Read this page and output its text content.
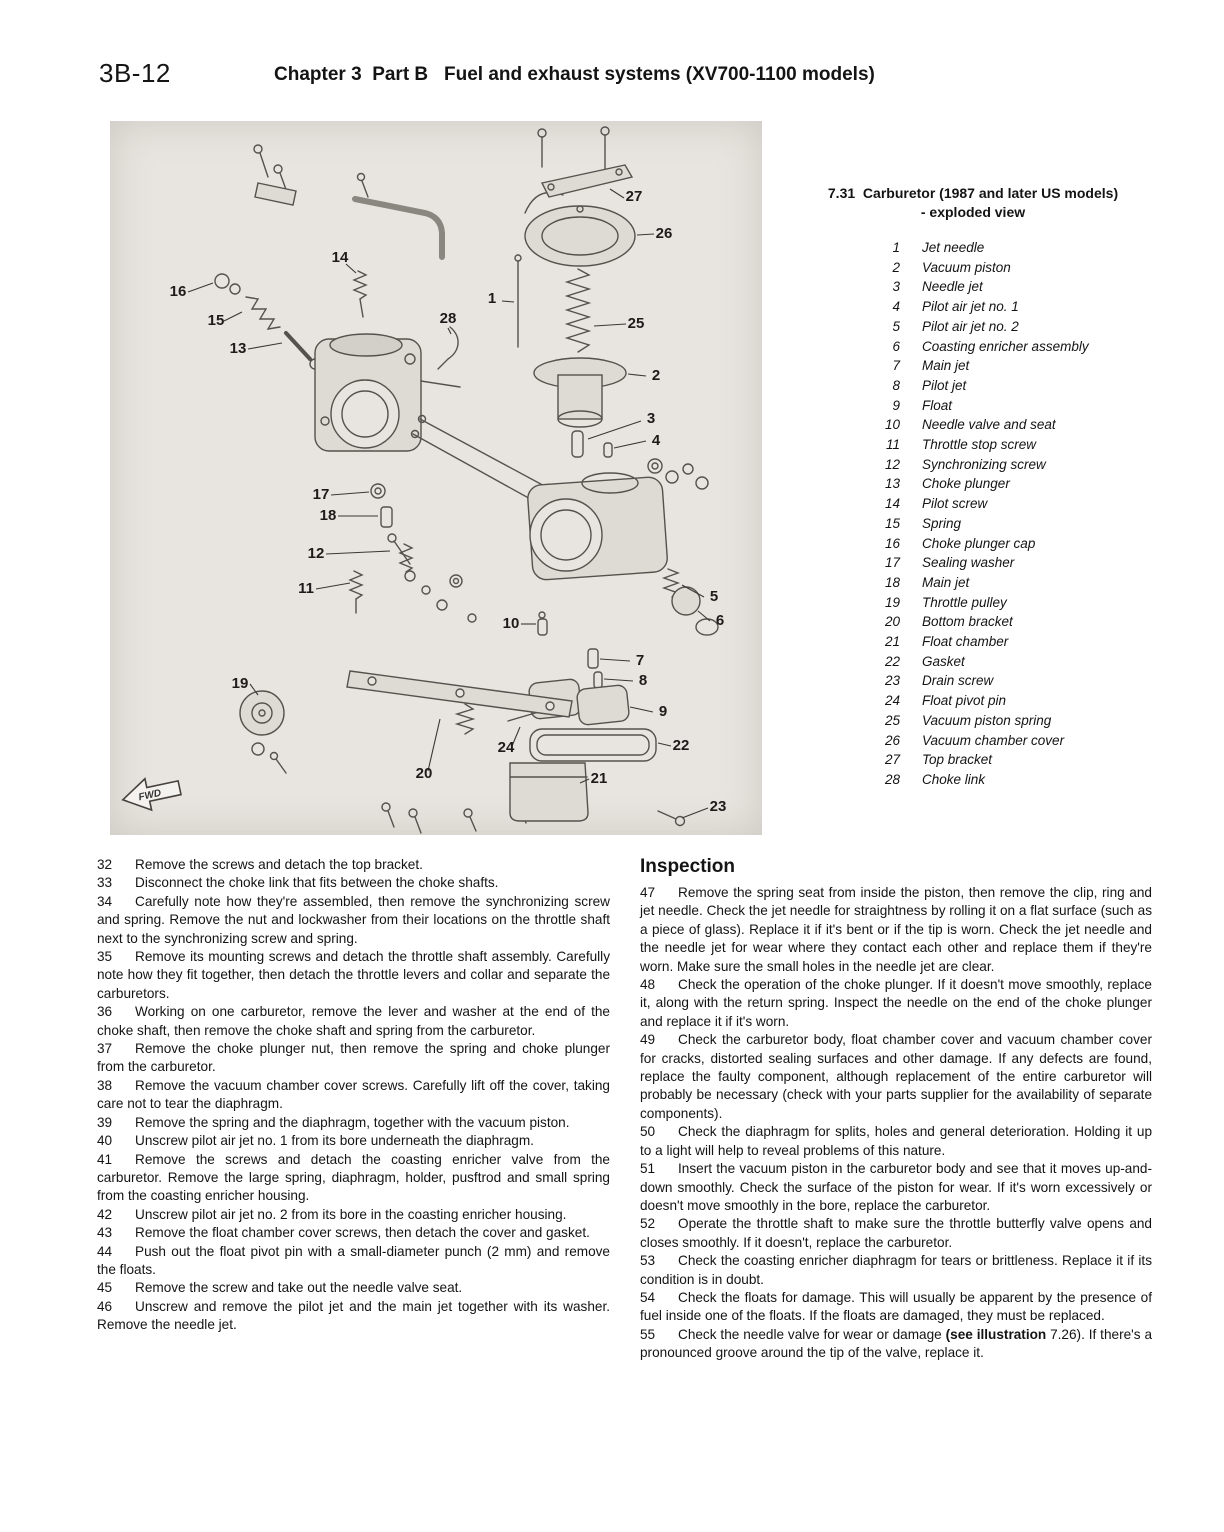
3B-12	Chapter 3  Part B   Fuel and exhaust systems (XV700-1100 models)
FWD
27
26
14
16
15	28
1
25
13
2
3
4
17
18
12
11
10
5
6
7
8
19
9
24	22
20	21
23
7.31  Carburetor (1987 and later US models)
- exploded view
1 Jet needle
2 Vacuum piston
3 Needle jet
4 Pilot air jet no. 1
5 Pilot air jet no. 2
6 Coasting enricher assembly
7 Main jet
8 Pilot jet
9 Float
10 Needle valve and seat
11 Throttle stop screw
12 Synchronizing screw
13 Choke plunger
14 Pilot screw
15 Spring
16 Choke plunger cap
17 Sealing washer
18 Main jet
19 Throttle pulley
20 Bottom bracket
21 Float chamber
22 Gasket
23 Drain screw
24 Float pivot pin
25 Vacuum piston spring
26 Vacuum chamber cover
27 Top bracket
28 Choke link

32 Remove the screws and detach the top bracket.

33 Disconnect the choke link that fits between the choke shafts.

34 Carefully note how they're assembled, then remove the synchronizing screw and spring. Remove the nut and lockwasher from their locations on the throttle shaft next to the synchronizing screw and spring.

35 Remove its mounting screws and detach the throttle shaft assembly. Carefully note how they fit together, then detach the throttle levers and collar and separate the carburetors.

36 Working on one carburetor, remove the lever and washer at the end of the choke shaft, then remove the choke shaft and spring from the carburetor.

37 Remove the choke plunger nut, then remove the spring and choke plunger from the carburetor.

38 Remove the vacuum chamber cover screws. Carefully lift off the cover, taking care not to tear the diaphragm.

39 Remove the spring and the diaphragm, together with the vacuum piston.

40 Unscrew pilot air jet no. 1 from its bore underneath the diaphragm.

41 Remove the screws and detach the coasting enricher valve from the carburetor. Remove the large spring, diaphragm, holder, pusftrod and small spring from the coasting enricher housing.

42 Unscrew pilot air jet no. 2 from its bore in the coasting enricher housing.

43 Remove the float chamber cover screws, then detach the cover and gasket.

44 Push out the float pivot pin with a small-diameter punch (2 mm) and remove the floats.

45 Remove the screw and take out the needle valve seat.

46 Unscrew and remove the pilot jet and the main jet together with its washer. Remove the needle jet.

Inspection

47 Remove the spring seat from inside the piston, then remove the clip, ring and jet needle. Check the jet needle for straightness by rolling it on a flat surface (such as a piece of glass). Replace it if it's bent or if the tip is worn. Check the jet needle and the needle jet for wear where they contact each other and replace them if they're worn. Make sure the small holes in the needle jet are clear.

48 Check the operation of the choke plunger. If it doesn't move smoothly, replace it, along with the return spring. Inspect the needle on the end of the choke plunger and replace it if it's worn.

49 Check the carburetor body, float chamber cover and vacuum chamber cover for cracks, distorted sealing surfaces and other damage. If any defects are found, replace the faulty component, although replacement of the entire carburetor will probably be necessary (check with your parts supplier for the availability of separate components).

50 Check the diaphragm for splits, holes and general deterioration. Holding it up to a light will help to reveal problems of this nature.

51 Insert the vacuum piston in the carburetor body and see that it moves up-and-down smoothly. Check the surface of the piston for wear. If it's worn excessively or doesn't move smoothly in the bore, replace the carburetor.

52 Operate the throttle shaft to make sure the throttle butterfly valve opens and closes smoothly. If it doesn't, replace the carburetor.

53 Check the coasting enricher diaphragm for tears or brittleness. Replace it if its condition is in doubt.

54 Check the floats for damage. This will usually be apparent by the presence of fuel inside one of the floats. If the floats are damaged, they must be replaced.

55 Check the needle valve for wear or damage (see illustration 7.26). If there's a pronounced groove around the tip of the valve, replace it.
